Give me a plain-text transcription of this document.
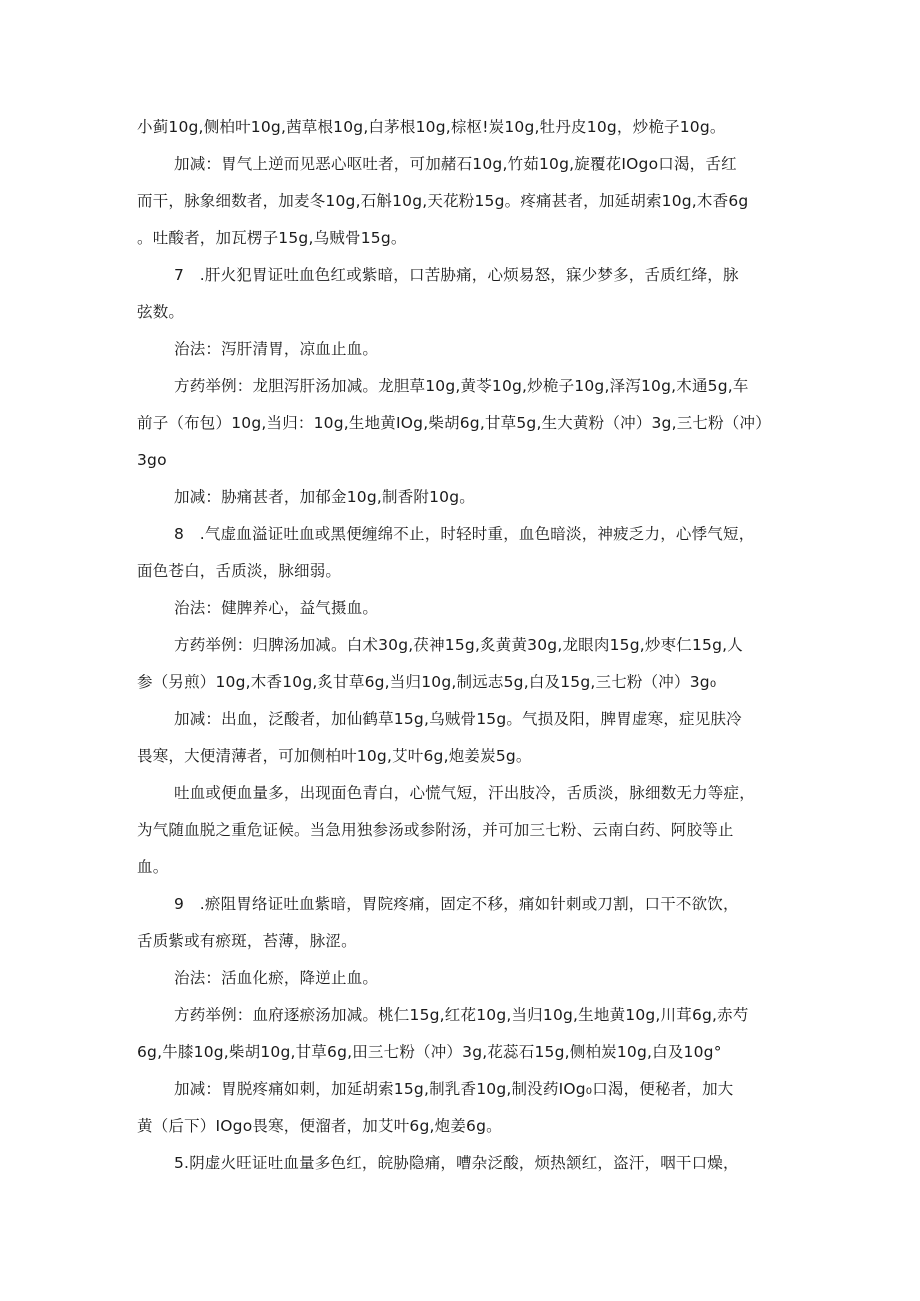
小蓟10g,侧柏叶10g,茜草根10g,白茅根10g,棕枢!炭10g,牡丹皮10g，炒桅子10g。
加减：胃气上逆而见恶心呕吐者，可加赭石10g,竹茹10g,旋覆花IOgo口渴，舌红
而干，脉象细数者，加麦冬10g,石斛10g,天花粉15g。疼痛甚者，加延胡索10g,木香6g
。吐酸者，加瓦楞子15g,乌贼骨15g。
7　.肝火犯胃证吐血色红或紫暗，口苦胁痛，心烦易怒，寐少梦多，舌质红绛，脉
弦数。
治法：泻肝清胃，凉血止血。
方药举例：龙胆泻肝汤加减。龙胆草10g,黄苓10g,炒桅子10g,泽泻10g,木通5g,车
前子（布包）10g,当归：10g,生地黄IOg,柴胡6g,甘草5g,生大黄粉（冲）3g,三七粉（冲）
3go
加减：胁痛甚者，加郁金10g,制香附10g。
8　.气虚血溢证吐血或黑便缠绵不止，时轻时重，血色暗淡，神疲乏力，心悸气短，
面色苍白，舌质淡，脉细弱。
治法：健脾养心，益气摄血。
方药举例：归脾汤加减。白术30g,茯神15g,炙黄黄30g,龙眼肉15g,炒枣仁15g,人
参（另煎）10g,木香10g,炙甘草6g,当归10g,制远志5g,白及15g,三七粉（冲）3g₀
加减：出血，泛酸者，加仙鹤草15g,乌贼骨15g。气损及阳，脾胃虚寒，症见肤冷
畏寒，大便清薄者，可加侧柏叶10g,艾叶6g,炮姜炭5g。
吐血或便血量多，出现面色青白，心慌气短，汗出肢冷，舌质淡，脉细数无力等症，
为气随血脱之重危证候。当急用独参汤或参附汤，并可加三七粉、云南白药、阿胶等止
血。
9　.瘀阻胃络证吐血紫暗，胃院疼痛，固定不移，痛如针刺或刀割，口干不欲饮，
舌质紫或有瘀斑，苔薄，脉涩。
治法：活血化瘀，降逆止血。
方药举例：血府逐瘀汤加减。桃仁15g,红花10g,当归10g,生地黄10g,川茸6g,赤芍
6g,牛膝10g,柴胡10g,甘草6g,田三七粉（冲）3g,花蕊石15g,侧柏炭10g,白及10g°
加减：胃脱疼痛如刺，加延胡索15g,制乳香10g,制没药IOg₀口渴，便秘者，加大
黄（后下）IOgo畏寒，便溜者，加艾叶6g,炮姜6g。
5.阴虚火旺证吐血量多色红，皖胁隐痛，嘈杂泛酸，烦热颔红，盗汗，咽干口燥，
